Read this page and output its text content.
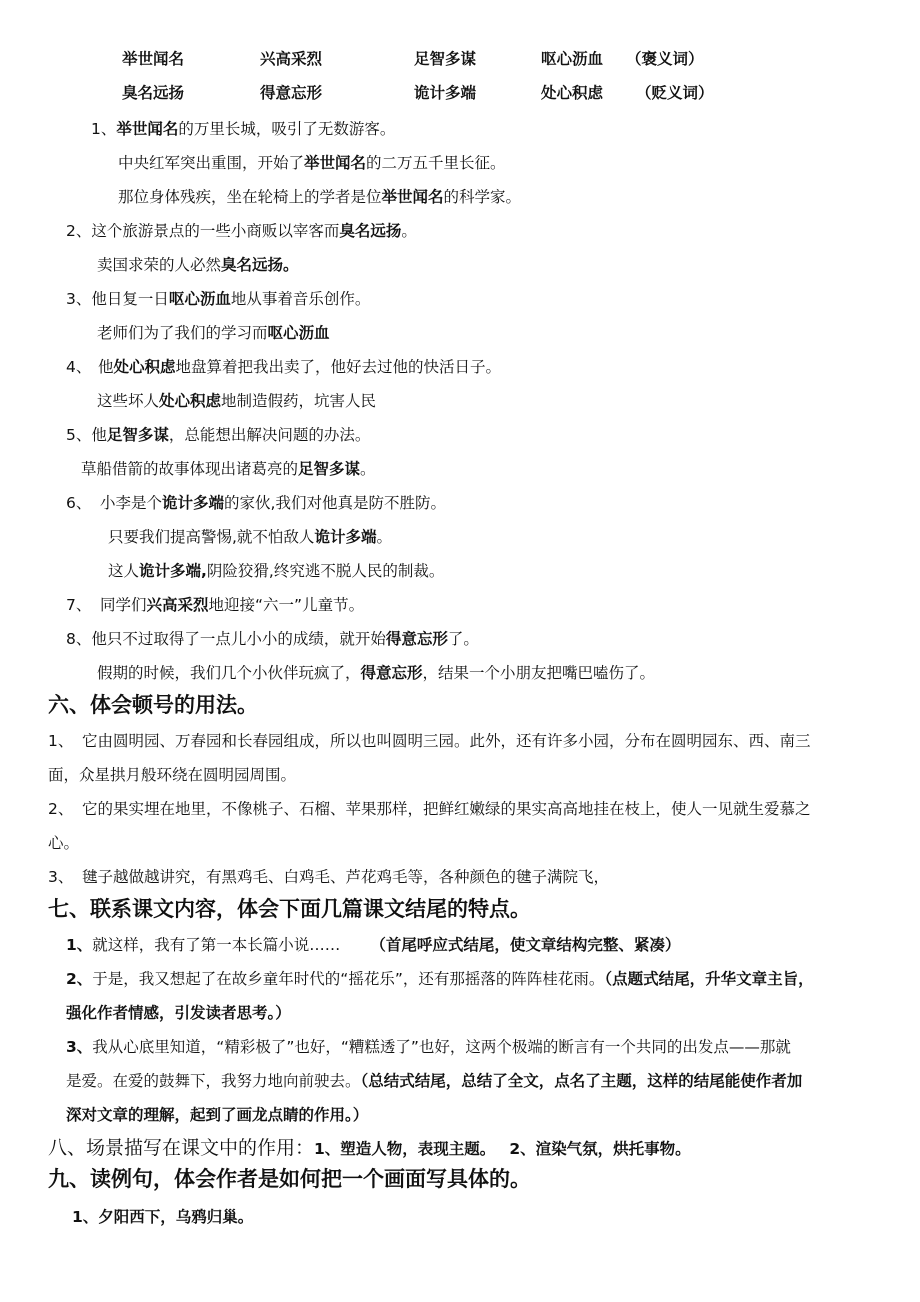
举世闻名	兴高采烈	足智多谋	呕心沥血 （褒义词）
臭名远扬	得意忘形	诡计多端	处心积虑 （贬义词）
1、举世闻名的万里长城，吸引了无数游客。
中央红军突出重围，开始了举世闻名的二万五千里长征。
那位身体残疾，坐在轮椅上的学者是位举世闻名的科学家。
2、这个旅游景点的一些小商贩以宰客而臭名远扬。
卖国求荣的人必然臭名远扬。
3、他日复一日呕心沥血地从事着音乐创作。
老师们为了我们的学习而呕心沥血
4、 他处心积虑地盘算着把我出卖了，他好去过他的快活日子。
这些坏人处心积虑地制造假药，坑害人民
5、他足智多谋，总能想出解决问题的办法。
草船借箭的故事体现出诸葛亮的足智多谋。
6、 小李是个诡计多端的家伙,我们对他真是防不胜防。
只要我们提高警惕,就不怕敌人诡计多端。
这人诡计多端,阴险狡猾,终究逃不脱人民的制裁。
7、 同学们兴高采烈地迎接“六一”儿童节。
8、他只不过取得了一点儿小小的成绩，就开始得意忘形了。
假期的时候，我们几个小伙伴玩疯了，得意忘形，结果一个小朋友把嘴巴嗑伤了。
六、体会顿号的用法。
1、 它由圆明园、万春园和长春园组成，所以也叫圆明三园。此外，还有许多小园，分布在圆明园东、西、南三
面，众星拱月般环绕在圆明园周围。
2、 它的果实埋在地里，不像桃子、石榴、苹果那样，把鲜红嫩绿的果实高高地挂在枝上，使人一见就生爱慕之
心。
3、 毽子越做越讲究，有黑鸡毛、白鸡毛、芦花鸡毛等，各种颜色的毽子满院飞，
七、联系课文内容，体会下面几篇课文结尾的特点。
1、就这样，我有了第一本长篇小说…… （首尾呼应式结尾，使文章结构完整、紧凑）
2、于是，我又想起了在故乡童年时代的“摇花乐”，还有那摇落的阵阵桂花雨。（点题式结尾，升华文章主旨，
强化作者情感，引发读者思考。）
3、我从心底里知道，“精彩极了”也好，“糟糕透了”也好，这两个极端的断言有一个共同的出发点——那就
是爱。在爱的鼓舞下，我努力地向前驶去。（总结式结尾，总结了全文，点名了主题，这样的结尾能使作者加
深对文章的理解，起到了画龙点睛的作用。）
八、场景描写在课文中的作用：1、塑造人物，表现主题。 2、渲染气氛，烘托事物。
九、读例句，体会作者是如何把一个画面写具体的。
1、夕阳西下，乌鸦归巢。
